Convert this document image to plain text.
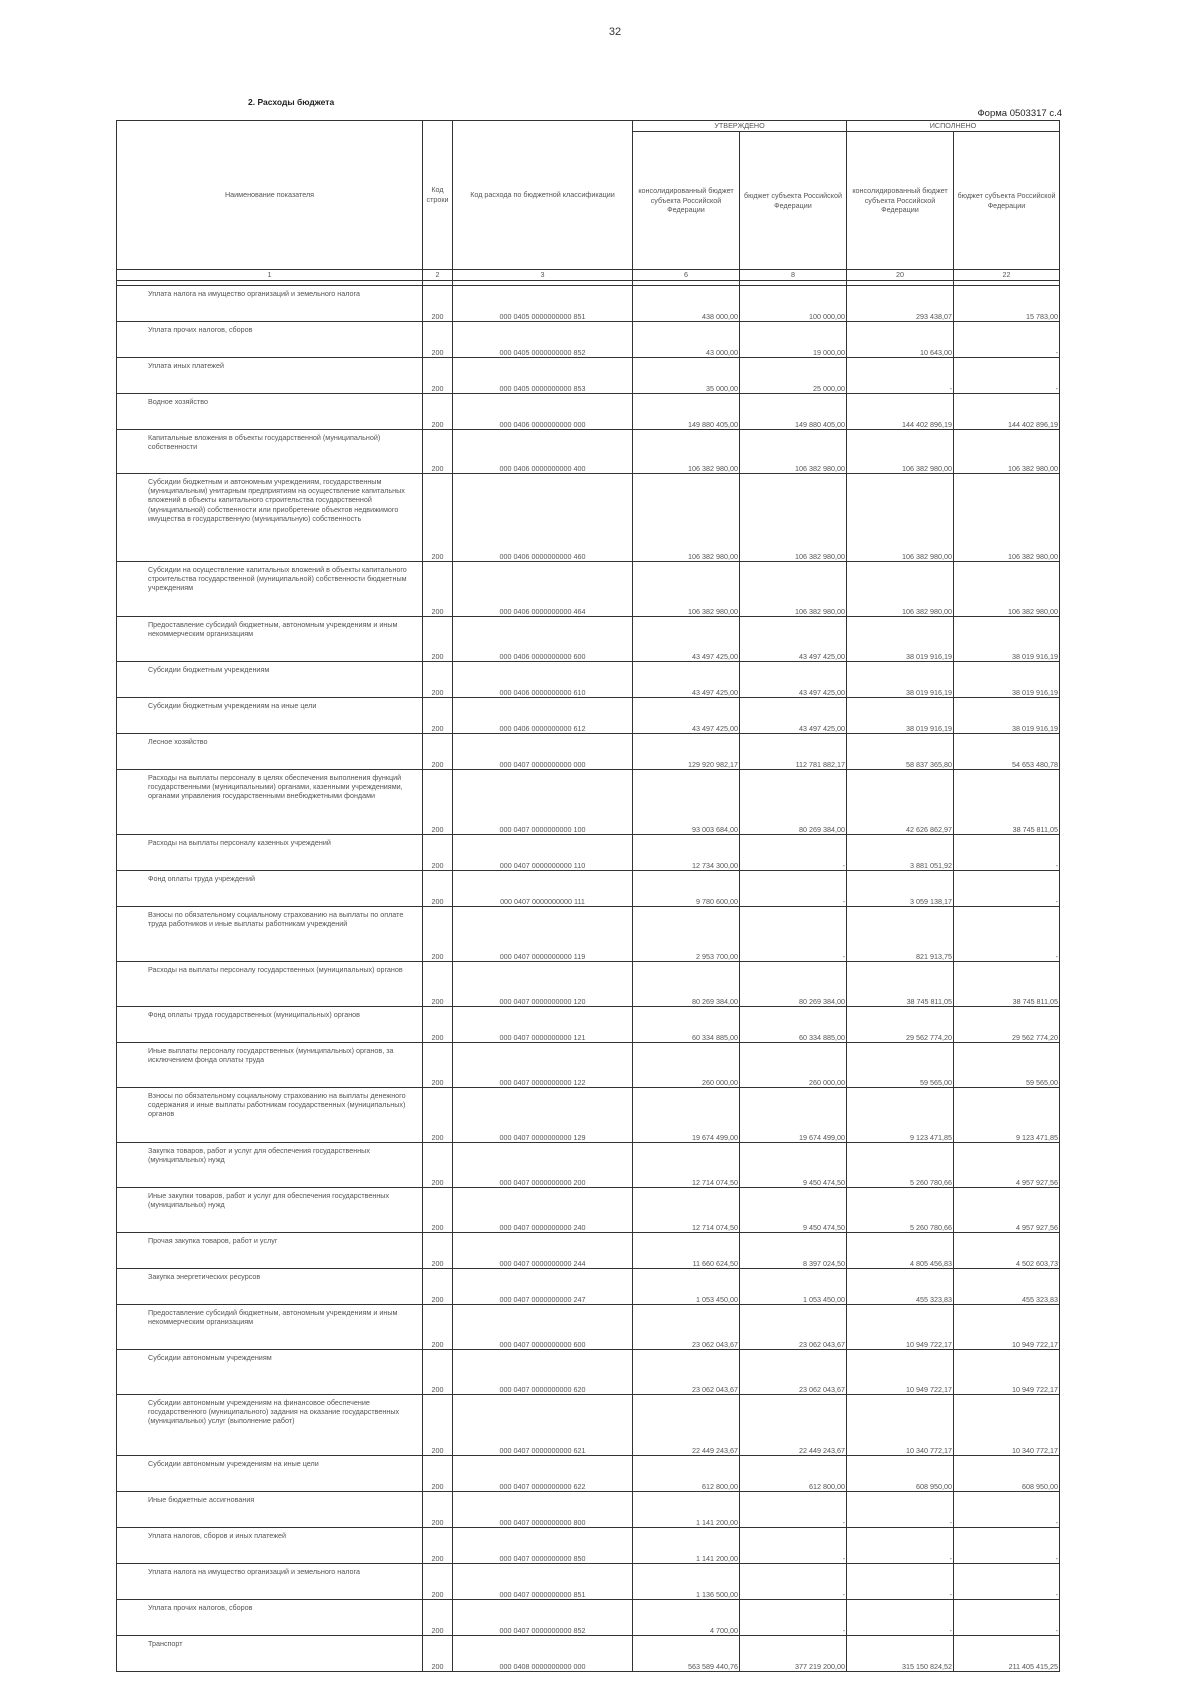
32
2. Расходы бюджета
Форма 0503317 с.4
Наименование показателя	Код строки	Код расхода по бюджетной классификации	УТВЕРЖДЕНО		ИСПОЛНЕНО	
			консолидированный бюджет субъекта Российской Федерации	бюджет субъекта Российской Федерации	консолидированный бюджет субъекта Российской Федерации	бюджет субъекта Российской Федерации
1	2	3	6	8	20	22

Уплата налога на имущество организаций и земельного налога	200	000 0405 0000000000 851	438 000,00	100 000,00	293 438,07	15 783,00
Уплата прочих налогов, сборов	200	000 0405 0000000000 852	43 000,00	19 000,00	10 643,00	-
Уплата иных платежей	200	000 0405 0000000000 853	35 000,00	25 000,00	-	-
Водное хозяйство	200	000 0406 0000000000 000	149 880 405,00	149 880 405,00	144 402 896,19	144 402 896,19
Капитальные вложения в объекты государственной (муниципальной) собственности	200	000 0406 0000000000 400	106 382 980,00	106 382 980,00	106 382 980,00	106 382 980,00
Субсидии бюджетным и автономным учреждениям, государственным (муниципальным) унитарным предприятиям на осуществление капитальных вложений в объекты капитального строительства государственной (муниципальной) собственности или приобретение объектов недвижимого имущества в государственную (муниципальную) собственность	200	000 0406 0000000000 460	106 382 980,00	106 382 980,00	106 382 980,00	106 382 980,00
Субсидии на осуществление капитальных вложений в объекты капитального строительства государственной (муниципальной) собственности бюджетным учреждениям	200	000 0406 0000000000 464	106 382 980,00	106 382 980,00	106 382 980,00	106 382 980,00
Предоставление субсидий бюджетным, автономным учреждениям и иным некоммерческим организациям	200	000 0406 0000000000 600	43 497 425,00	43 497 425,00	38 019 916,19	38 019 916,19
Субсидии бюджетным учреждениям	200	000 0406 0000000000 610	43 497 425,00	43 497 425,00	38 019 916,19	38 019 916,19
Субсидии бюджетным учреждениям на иные цели	200	000 0406 0000000000 612	43 497 425,00	43 497 425,00	38 019 916,19	38 019 916,19
Лесное хозяйство	200	000 0407 0000000000 000	129 920 982,17	112 781 882,17	58 837 365,80	54 653 480,78
Расходы на выплаты персоналу в целях обеспечения выполнения функций государственными (муниципальными) органами, казенными учреждениями, органами управления государственными внебюджетными фондами	200	000 0407 0000000000 100	93 003 684,00	80 269 384,00	42 626 862,97	38 745 811,05
Расходы на выплаты персоналу казенных учреждений	200	000 0407 0000000000 110	12 734 300,00	-	3 881 051,92	-
Фонд оплаты труда учреждений	200	000 0407 0000000000 111	9 780 600,00	-	3 059 138,17	-
Взносы по обязательному социальному страхованию на выплаты по оплате труда работников и иные выплаты работникам учреждений	200	000 0407 0000000000 119	2 953 700,00	-	821 913,75	-
Расходы на выплаты персоналу государственных (муниципальных) органов	200	000 0407 0000000000 120	80 269 384,00	80 269 384,00	38 745 811,05	38 745 811,05
Фонд оплаты труда государственных (муниципальных) органов	200	000 0407 0000000000 121	60 334 885,00	60 334 885,00	29 562 774,20	29 562 774,20
Иные выплаты персоналу государственных (муниципальных) органов, за исключением фонда оплаты труда	200	000 0407 0000000000 122	260 000,00	260 000,00	59 565,00	59 565,00
Взносы по обязательному социальному страхованию на выплаты денежного содержания и иные выплаты работникам государственных (муниципальных) органов	200	000 0407 0000000000 129	19 674 499,00	19 674 499,00	9 123 471,85	9 123 471,85
Закупка товаров, работ и услуг для обеспечения государственных (муниципальных) нужд	200	000 0407 0000000000 200	12 714 074,50	9 450 474,50	5 260 780,66	4 957 927,56
Иные закупки товаров, работ и услуг для обеспечения государственных (муниципальных) нужд	200	000 0407 0000000000 240	12 714 074,50	9 450 474,50	5 260 780,66	4 957 927,56
Прочая закупка товаров, работ и услуг	200	000 0407 0000000000 244	11 660 624,50	8 397 024,50	4 805 456,83	4 502 603,73
Закупка энергетических ресурсов	200	000 0407 0000000000 247	1 053 450,00	1 053 450,00	455 323,83	455 323,83
Предоставление субсидий бюджетным, автономным учреждениям и иным некоммерческим организациям	200	000 0407 0000000000 600	23 062 043,67	23 062 043,67	10 949 722,17	10 949 722,17
Субсидии автономным учреждениям	200	000 0407 0000000000 620	23 062 043,67	23 062 043,67	10 949 722,17	10 949 722,17
Субсидии автономным учреждениям на финансовое обеспечение государственного (муниципального) задания на оказание государственных (муниципальных) услуг (выполнение работ)	200	000 0407 0000000000 621	22 449 243,67	22 449 243,67	10 340 772,17	10 340 772,17
Субсидии автономным учреждениям на иные цели	200	000 0407 0000000000 622	612 800,00	612 800,00	608 950,00	608 950,00
Иные бюджетные ассигнования	200	000 0407 0000000000 800	1 141 200,00	-	-	-
Уплата налогов, сборов и иных платежей	200	000 0407 0000000000 850	1 141 200,00	-	-	-
Уплата налога на имущество организаций и земельного налога	200	000 0407 0000000000 851	1 136 500,00	-	-	-
Уплата прочих налогов, сборов	200	000 0407 0000000000 852	4 700,00	-	-	-
Транспорт	200	000 0408 0000000000 000	563 589 440,76	377 219 200,00	315 150 824,52	211 405 415,25
